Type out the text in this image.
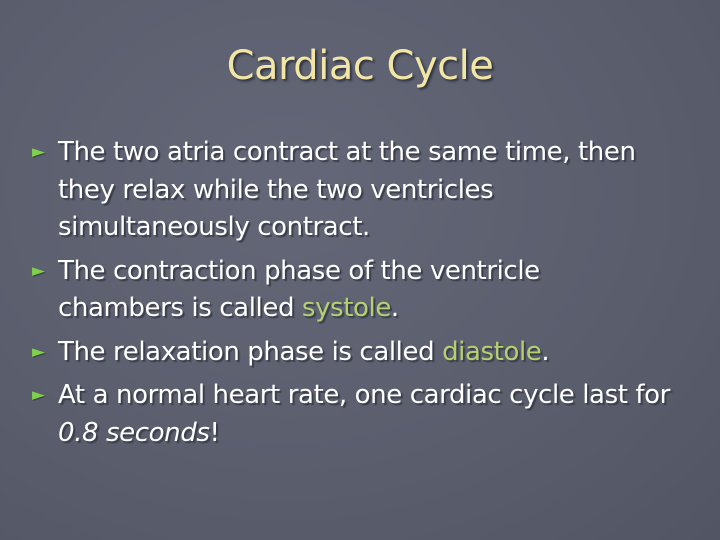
Cardiac Cycle
► The two atria contract at the same time, then they relax while the two ventricles simultaneously contract.
► The contraction phase of the ventricle chambers is called systole.
► The relaxation phase is called diastole.
► At a normal heart rate, one cardiac cycle last for 0.8 seconds!
